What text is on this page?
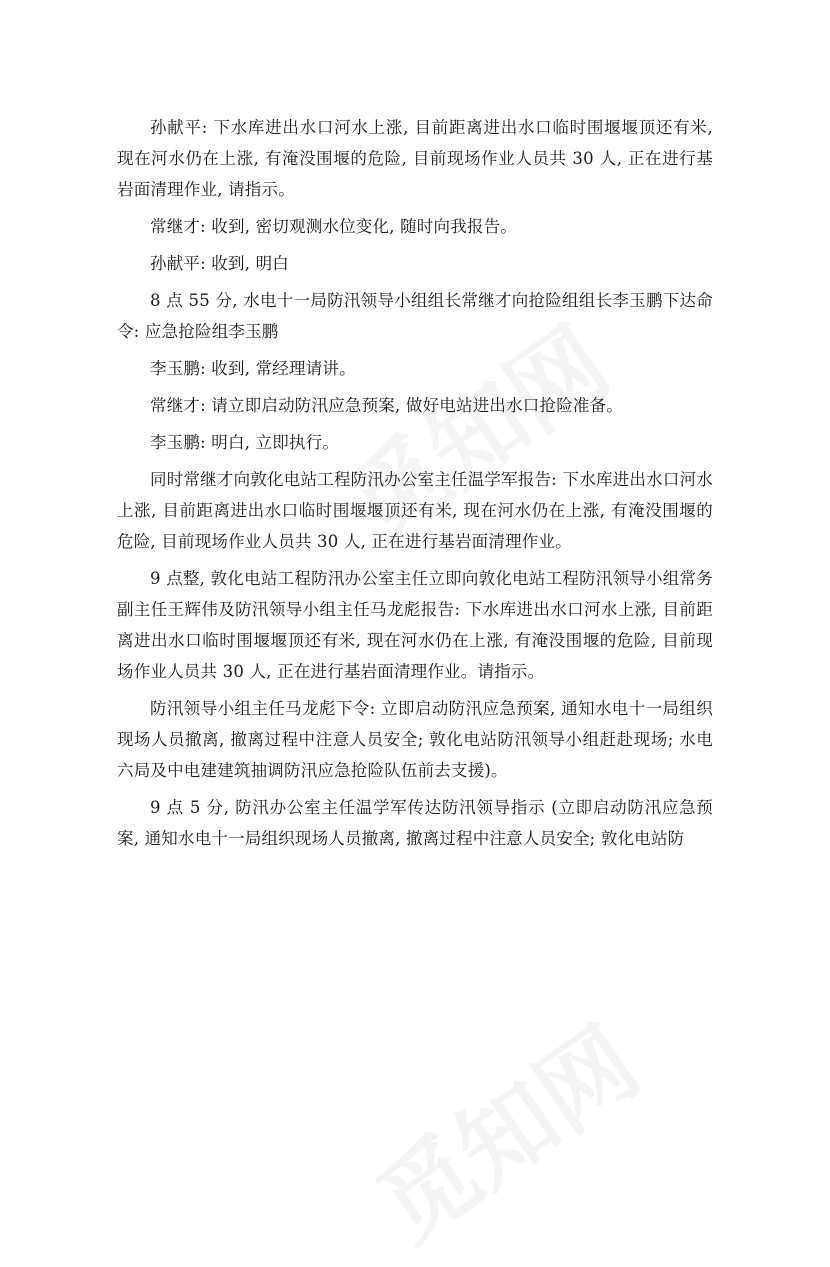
孙献平: 下水库进出水口河水上涨, 目前距离进出水口临时围堰堰顶还有米, 现在河水仍在上涨, 有淹没围堰的危险, 目前现场作业人员共 30 人, 正在进行基岩面清理作业, 请指示。

常继才: 收到, 密切观测水位变化, 随时向我报告。

孙献平: 收到, 明白

8 点 55 分, 水电十一局防汛领导小组组长常继才向抢险组组长李玉鹏下达命令: 应急抢险组李玉鹏

李玉鹏: 收到, 常经理请讲。

常继才: 请立即启动防汛应急预案, 做好电站进出水口抢险准备。

李玉鹏: 明白, 立即执行。

同时常继才向敦化电站工程防汛办公室主任温学军报告: 下水库进出水口河水上涨, 目前距离进出水口临时围堰堰顶还有米, 现在河水仍在上涨, 有淹没围堰的危险, 目前现场作业人员共 30 人, 正在进行基岩面清理作业。

9 点整, 敦化电站工程防汛办公室主任立即向敦化电站工程防汛领导小组常务副主任王辉伟及防汛领导小组主任马龙彪报告: 下水库进出水口河水上涨, 目前距离进出水口临时围堰堰顶还有米, 现在河水仍在上涨, 有淹没围堰的危险, 目前现场作业人员共 30 人, 正在进行基岩面清理作业。请指示。

防汛领导小组主任马龙彪下令: 立即启动防汛应急预案, 通知水电十一局组织现场人员撤离, 撤离过程中注意人员安全; 敦化电站防汛领导小组赶赴现场; 水电六局及中电建建筑抽调防汛应急抢险队伍前去支援)。

9 点 5 分, 防汛办公室主任温学军传达防汛领导指示 (立即启动防汛应急预案, 通知水电十一局组织现场人员撤离, 撤离过程中注意人员安全; 敦化电站防
